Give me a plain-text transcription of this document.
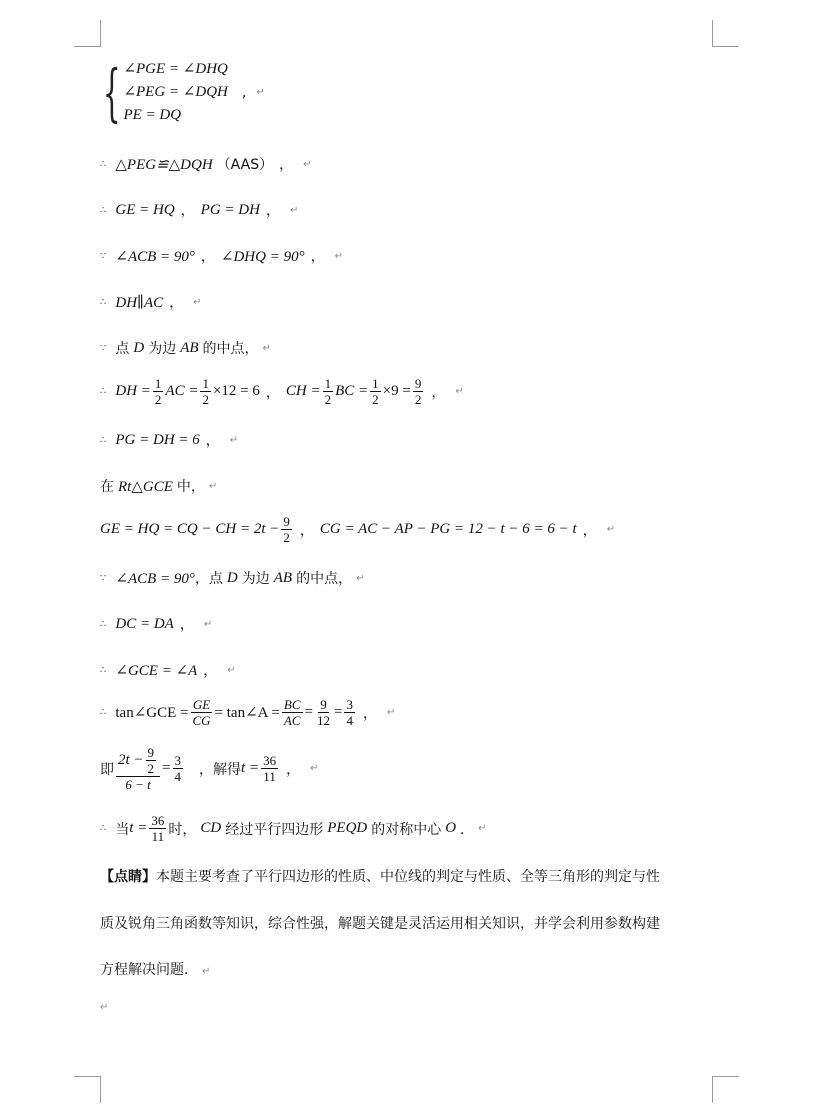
{ ∠PGE = ∠DHQ
∠PEG = ∠DQH
PE = DQ
, ↵
∴ △PEG≌△DQH （AAS） ， ↵
∴ GE = HQ ， PG = DH ， ↵
∵ ∠ACB = 90° ， ∠DHQ = 90° ， ↵
∴ DH∥AC ， ↵
∵ 点 D 为边 AB 的中点， ↵
∴ DH = $\frac{1}{2}$ AC = $\frac{1}{2} \times 12 = 6$ ， CH = $\frac{1}{2}$ BC = $\frac{1}{2} \times 9 = \frac{9}{2}$ ， ↵
∴ PG = DH = 6 ， ↵
在 Rt△GCE 中， ↵
GE = HQ = CQ − CH = $2t - \frac{9}{2}$ ， CG = AC − AP − PG = 12 − t − 6 = 6 − t ， ↵
∵ ∠ACB = 90° ，点 D 为边 AB 的中点， ↵
∴ DC = DA ， ↵
∴ ∠GCE = ∠A ， ↵
∴ tan∠GCE = $\frac{GE}{CG}$ = tan∠A = $\frac{BC}{AC} = \frac{9}{12} = \frac{3}{4}$ ， ↵
即 $\frac{2t - \frac{9}{2}}{6 - t} = \frac{3}{4}$ ，解得 $t = \frac{36}{11}$ ， ↵
∴ 当 $t = \frac{36}{11}$ 时， CD 经过平行四边形 PEQD 的对称中心 O ． ↵
【点睛】本题主要考查了平行四边形的性质、中位线的判定与性质、全等三角形的判定与性
质及锐角三角函数等知识，综合性强，解题关键是灵活运用相关知识，并学会利用参数构建
方程解决问题． ↵
↵
